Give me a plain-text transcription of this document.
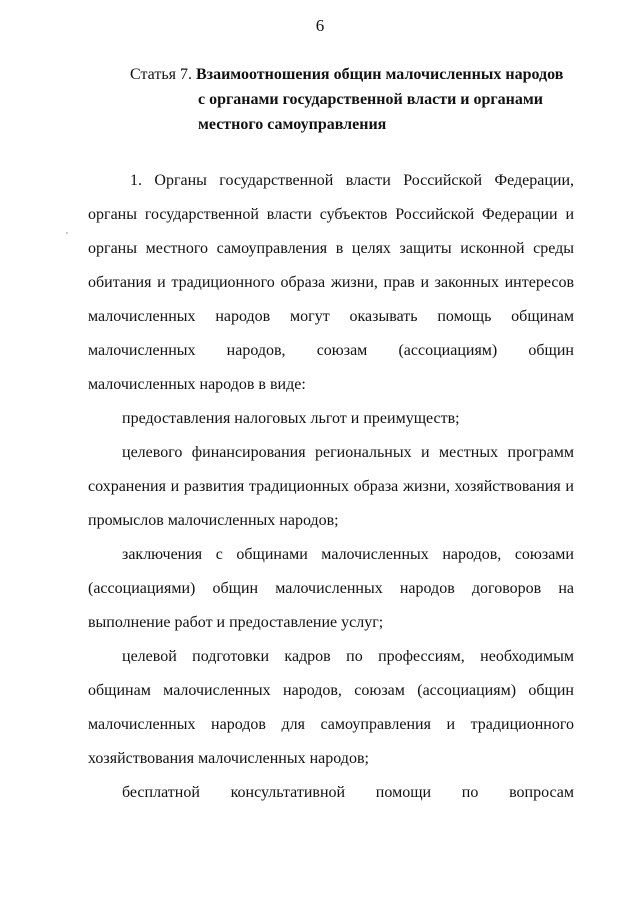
6
Статья 7. Взаимоотношения общин малочисленных народов
с органами государственной власти и органами
местного самоуправления
1. Органы государственной власти Российской Федерации, органы государственной власти субъектов Российской Федерации и органы местного самоуправления в целях защиты исконной среды обитания и традиционного образа жизни, прав и законных интересов малочисленных народов могут оказывать помощь общинам малочисленных народов, союзам (ассоциациям) общин малочисленных народов в виде:
предоставления налоговых льгот и преимуществ;
целевого финансирования региональных и местных программ сохранения и развития традиционных образа жизни, хозяйствования и промыслов малочисленных народов;
заключения с общинами малочисленных народов, союзами (ассоциациями) общин малочисленных народов договоров на выполнение работ и предоставление услуг;
целевой подготовки кадров по профессиям, необходимым общинам малочисленных народов, союзам (ассоциациям) общин малочисленных народов для самоуправления и традиционного хозяйствования малочисленных народов;
бесплатной консультативной помощи по вопросам
